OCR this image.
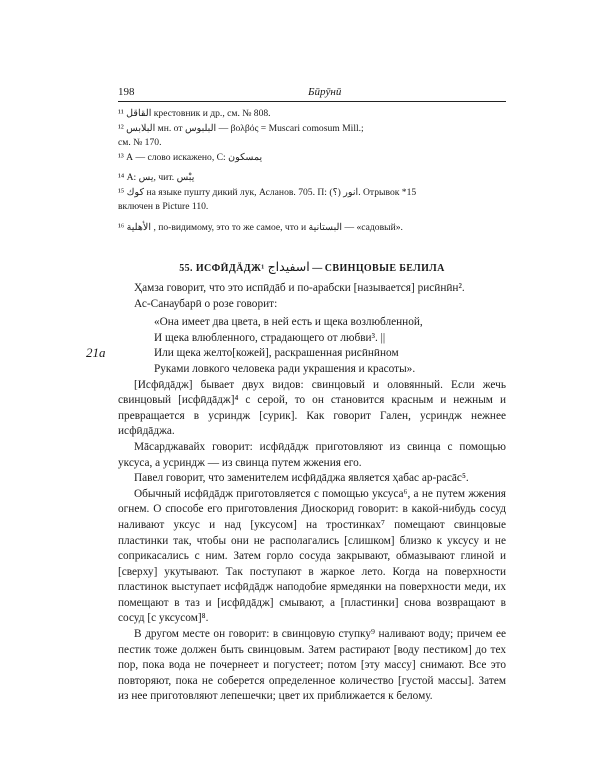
198	Бӣрӯнӣ

¹¹ القاقل крестовник и др., см. № 808.

¹² البلابس мн. от البلبوس — βολβός = Muscari comosum Mill.;

см. № 170.

¹³ А — слово искажено, С: يمسكون

¹⁴ А: يس, чит. يبْس

¹⁵ كوك на языке пушту дикий лук, Асланов. 705. П: (؟) انور. Отрывок *15

включен в Picture 110.

¹⁶ الأهلية , по-видимому, это то же самое, что и البستانية — «садовый».

55. ИСФӢДӒДЖ¹ اسفيداج — СВИНЦОВЫЕ БЕЛИЛА
21а

Ҳамза говорит, что это испӣдāб и по-арабски [называется] рисӣнӣн².

Ас-Санаубарӣ о розе говорит:

«Она имеет два цвета, в ней есть и щека возлюбленной,
И щека влюбленного, страдающего от любви³. ||
Или щека желто[кожей], раскрашенная рисӣнӣном
Руками ловкого человека ради украшения и красоты».

[Исфӣдāдж] бывает двух видов: свинцовый и оловянный. Если жечь свинцовый [исфӣдāдж]⁴ с серой, то он становится красным и нежным и превращается в усриндж [сурик]. Как говорит Гален, усриндж нежнее исфӣдāджа.

Мāсарджавайх говорит: исфӣдāдж приготовляют из свинца с помощью уксуса, а усриндж — из свинца путем жжения его.

Павел говорит, что заменителем исфӣдāджа является ҳабас ар-расāс⁵.

Обычный исфӣдāдж приготовляется с помощью уксуса⁶, а не путем жжения огнем. О способе его приготовления Диоскорид говорит: в какой-нибудь сосуд наливают уксус и над [уксусом] на тростинках⁷ помещают свинцовые пластинки так, чтобы они не располагались [слишком] близко к уксусу и не соприкасались с ним. Затем горло сосуда закрывают, обмазывают глиной и [сверху] укутывают. Так поступают в жаркое лето. Когда на поверхности пластинок выступает исфӣдāдж наподобие ярмедянки на поверхности меди, их помещают в таз и [исфӣдāдж] смывают, а [пластинки] снова возвращают в сосуд [с уксусом]⁸.

В другом месте он говорит: в свинцовую ступку⁹ наливают воду; причем ее пестик тоже должен быть свинцовым. Затем растирают [воду пестиком] до тех пор, пока вода не почернеет и погустеет; потом [эту массу] снимают. Все это повторяют, пока не соберется определенное количество [густой массы]. Затем из нее приготовляют лепешечки; цвет их приближается к белому.
